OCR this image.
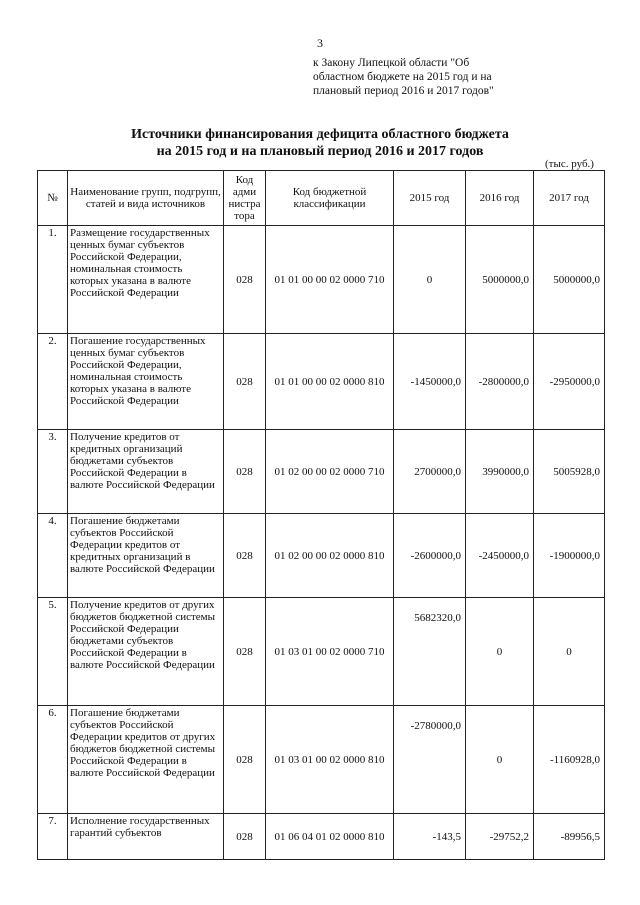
3
к Закону Липецкой области "Об
областном бюджете на 2015 год и на
плановый период 2016 и 2017 годов"
Источники финансирования дефицита областного бюджета
на 2015 год и на плановый период 2016 и 2017 годов
(тыс. руб.)
№	Наименование групп, подгрупп, статей и вида источников	Код адми нистра тора	Код бюджетной классификации	2015 год	2016 год	2017 год
1.	Размещение государственных ценных бумаг субъектов Российской Федерации, номинальная стоимость которых указана в валюте Российской Федерации	028	01 01 00 00 02 0000 710	0	5000000,0	5000000,0
2.	Погашение государственных ценных бумаг субъектов Российской Федерации, номинальная стоимость которых указана в валюте Российской Федерации	028	01 01 00 00 02 0000 810	-1450000,0	-2800000,0	-2950000,0
3.	Получение кредитов от кредитных организаций бюджетами субъектов Российской Федерации в валюте Российской Федерации	028	01 02 00 00 02 0000 710	2700000,0	3990000,0	5005928,0
4.	Погашение бюджетами субъектов Российской Федерации кредитов от кредитных организаций в валюте Российской Федерации	028	01 02 00 00 02 0000 810	-2600000,0	-2450000,0	-1900000,0
5.	Получение кредитов от других бюджетов бюджетной системы Российской Федерации бюджетами субъектов Российской Федерации в валюте Российской Федерации	028	01 03 01 00 02 0000 710	5682320,0	0	0
6.	Погашение бюджетами субъектов Российской Федерации кредитов от других бюджетов бюджетной системы Российской Федерации в валюте Российской Федерации	028	01 03 01 00 02 0000 810	-2780000,0	0	-1160928,0
7.	Исполнение государственных гарантий субъектов	028	01 06 04 01 02 0000 810	-143,5	-29752,2	-89956,5
